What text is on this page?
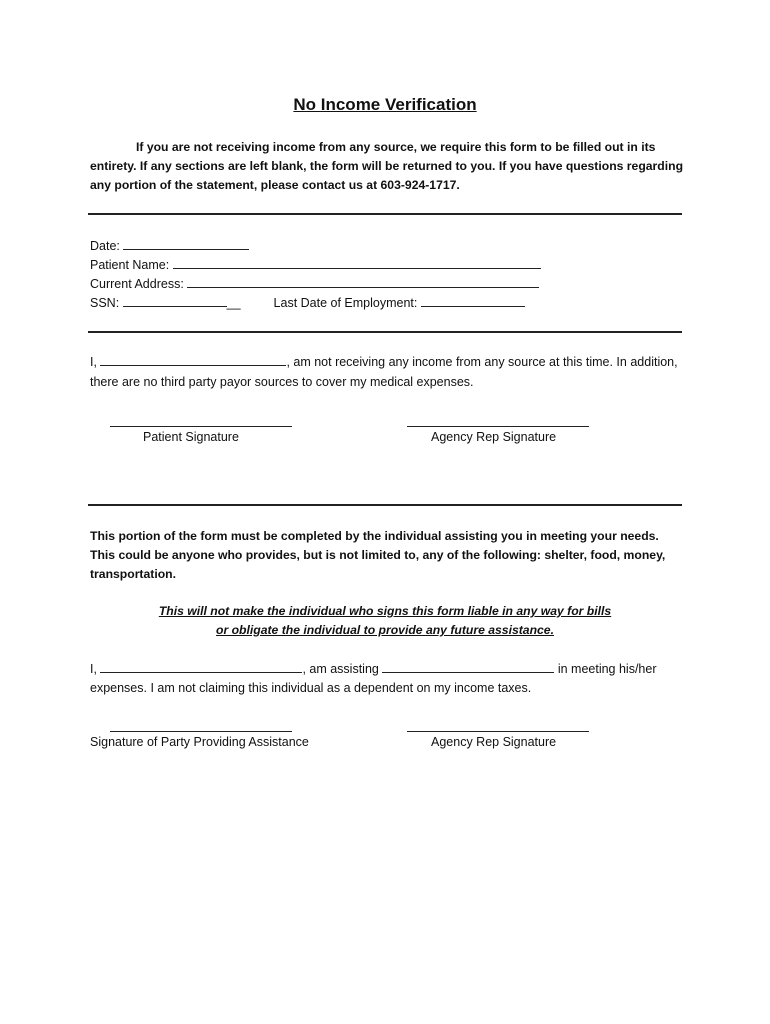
No Income Verification
If you are not receiving income from any source, we require this form to be filled out in its entirety. If any sections are left blank, the form will be returned to you. If you have questions regarding any portion of the statement, please contact us at 603-924-1717.
Date:
Patient Name:
Current Address:
SSN:	__	Last Date of Employment:
I,	, am not receiving any income from any source at this time. In addition, there are no third party payor sources to cover my medical expenses.
Patient Signature	Agency Rep Signature
This portion of the form must be completed by the individual assisting you in meeting your needs. This could be anyone who provides, but is not limited to, any of the following: shelter, food, money, transportation.
This will not make the individual who signs this form liable in any way for bills
or obligate the individual to provide any future assistance.
I,	, am assisting	in meeting his/her
expenses. I am not claiming this individual as a dependent on my income taxes.
Signature of Party Providing Assistance	Agency Rep Signature
